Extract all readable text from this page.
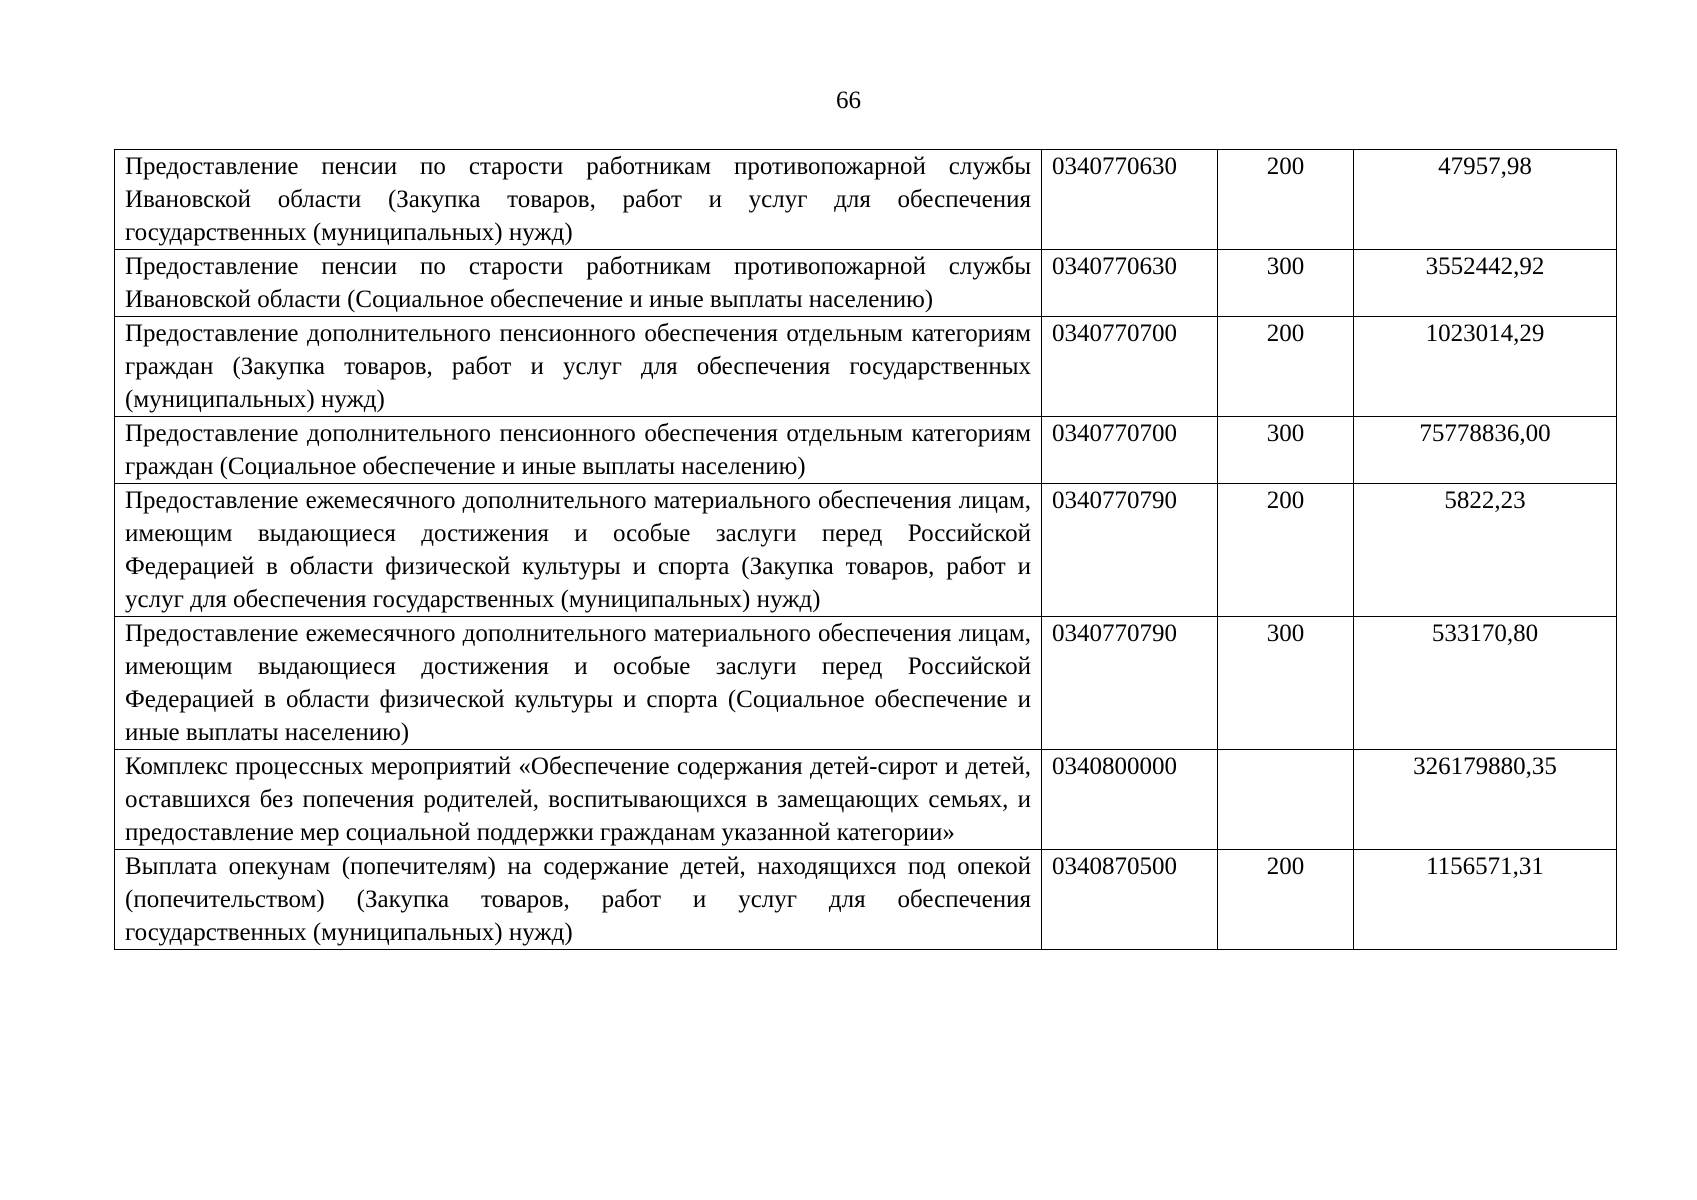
66
Предоставление пенсии по старости работникам противопожарной службы Ивановской области (Закупка товаров, работ и услуг для обеспечения государственных (муниципальных) нужд)	0340770630	200	47957,98
Предоставление пенсии по старости работникам противопожарной службы Ивановской области (Социальное обеспечение и иные выплаты населению)	0340770630	300	3552442,92
Предоставление дополнительного пенсионного обеспечения отдельным категориям граждан (Закупка товаров, работ и услуг для обеспечения государственных (муниципальных) нужд)	0340770700	200	1023014,29
Предоставление дополнительного пенсионного обеспечения отдельным категориям граждан (Социальное обеспечение и иные выплаты населению)	0340770700	300	75778836,00
Предоставление ежемесячного дополнительного материального обеспечения лицам, имеющим выдающиеся достижения и особые заслуги перед Российской Федерацией в области физической культуры и спорта (Закупка товаров, работ и услуг для обеспечения государственных (муниципальных) нужд)	0340770790	200	5822,23
Предоставление ежемесячного дополнительного материального обеспечения лицам, имеющим выдающиеся достижения и особые заслуги перед Российской Федерацией в области физической культуры и спорта (Социальное обеспечение и иные выплаты населению)	0340770790	300	533170,80
Комплекс процессных мероприятий «Обеспечение содержания детей-сирот и детей, оставшихся без попечения родителей, воспитывающихся в замещающих семьях, и предоставление мер социальной поддержки гражданам указанной категории»	0340800000		326179880,35
Выплата опекунам (попечителям) на содержание детей, находящихся под опекой (попечительством) (Закупка товаров, работ и услуг для обеспечения государственных (муниципальных) нужд)	0340870500	200	1156571,31
